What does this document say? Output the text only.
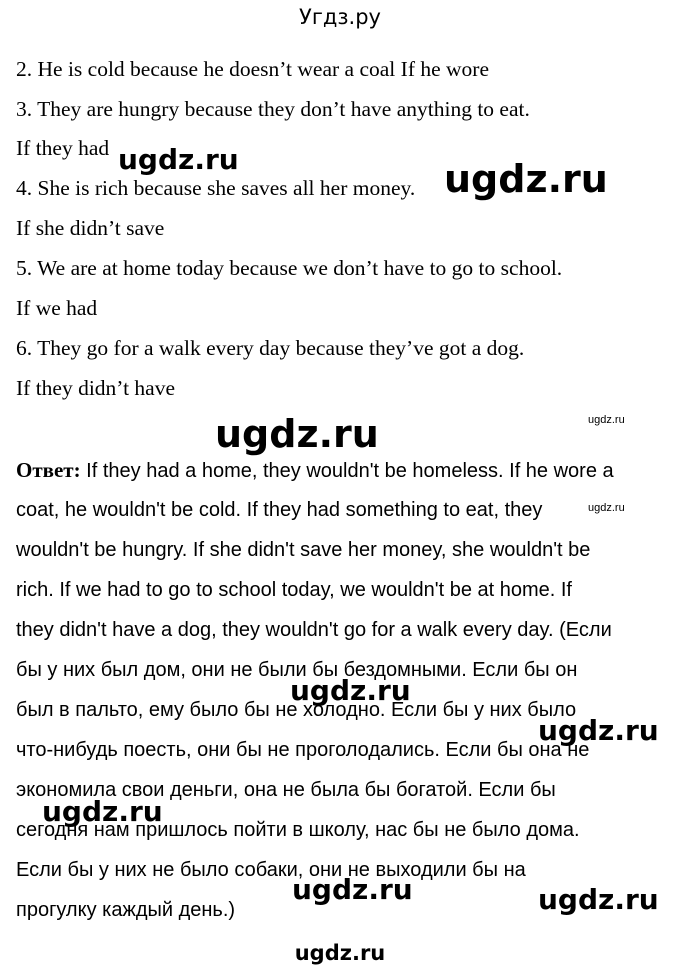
Угдз.ру
2. He is cold because he doesn’t wear a coal If he wore
3. They are hungry because they don’t have anything to eat.
If they had
4. She is rich because she saves all her money.
If she didn’t save
5. We are at home today because we don’t have to go to school.
If we had
6. They go for a walk every day because they’ve got a dog.
If they didn’t have
Ответ: If they had a home, they wouldn't be homeless. If he wore a
coat, he wouldn't be cold. If they had something to eat, they
wouldn't be hungry. If she didn't save her money, she wouldn't be
rich. If we had to go to school today, we wouldn't be at home. If
they didn't have a dog, they wouldn't go for a walk every day. (Если
бы у них был дом, они не были бы бездомными. Если бы он
был в пальто, ему было бы не холодно. Если бы у них было
что-нибудь поесть, они бы не проголодались. Если бы она не
экономила свои деньги, она не была бы богатой. Если бы
сегодня нам пришлось пойти в школу, нас бы не было дома.
Если бы у них не было собаки, они не выходили бы на
прогулку каждый день.)
ugdz.ru	ugdz.ru
ugdz.ru	ugdz.ru
ugdz.ru
ugdz.ru
ugdz.ru
ugdz.ru
ugdz.ru	ugdz.ru
ugdz.ru
